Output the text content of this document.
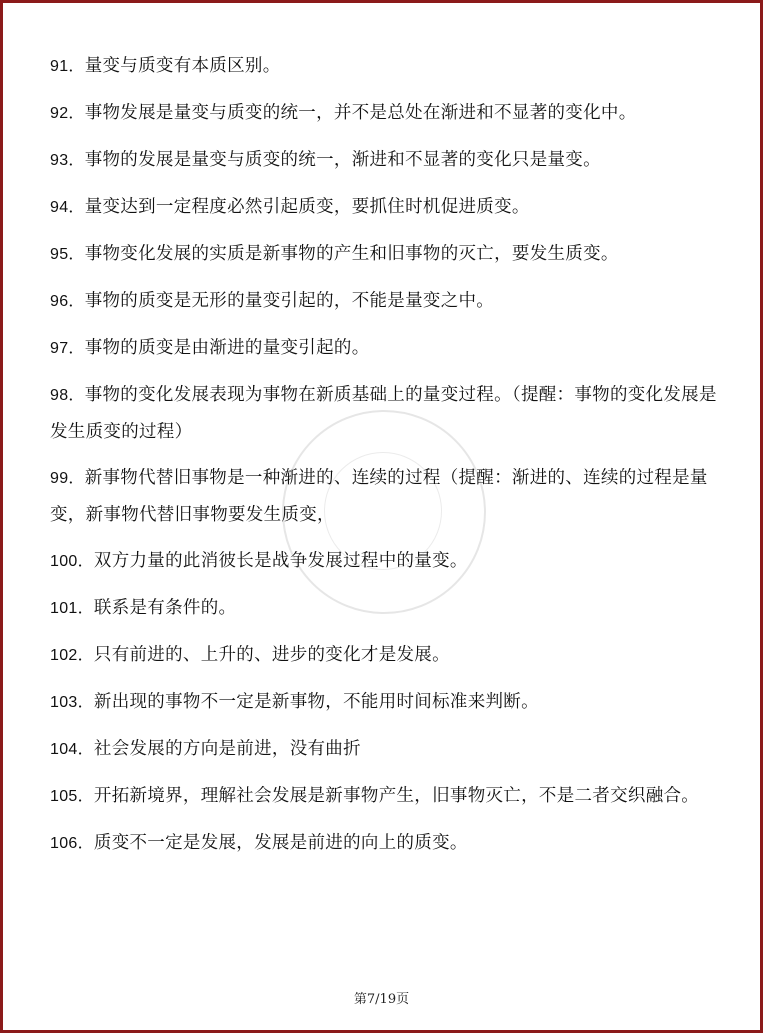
91．量变与质变有本质区别。
92．事物发展是量变与质变的统一，并不是总处在渐进和不显著的变化中。
93．事物的发展是量变与质变的统一，渐进和不显著的变化只是量变。
94．量变达到一定程度必然引起质变，要抓住时机促进质变。
95．事物变化发展的实质是新事物的产生和旧事物的灭亡，要发生质变。
96．事物的质变是无形的量变引起的，不能是量变之中。
97．事物的质变是由渐进的量变引起的。
98．事物的变化发展表现为事物在新质基础上的量变过程。（提醒：事物的变化发展是发生质变的过程）
99．新事物代替旧事物是一种渐进的、连续的过程（提醒：渐进的、连续的过程是量变，新事物代替旧事物要发生质变，
100．双方力量的此消彼长是战争发展过程中的量变。
101．联系是有条件的。
102．只有前进的、上升的、进步的变化才是发展。
103．新出现的事物不一定是新事物，不能用时间标准来判断。
104．社会发展的方向是前进，没有曲折
105．开拓新境界，理解社会发展是新事物产生，旧事物灭亡，不是二者交织融合。
106．质变不一定是发展，发展是前进的向上的质变。
第7/19页
